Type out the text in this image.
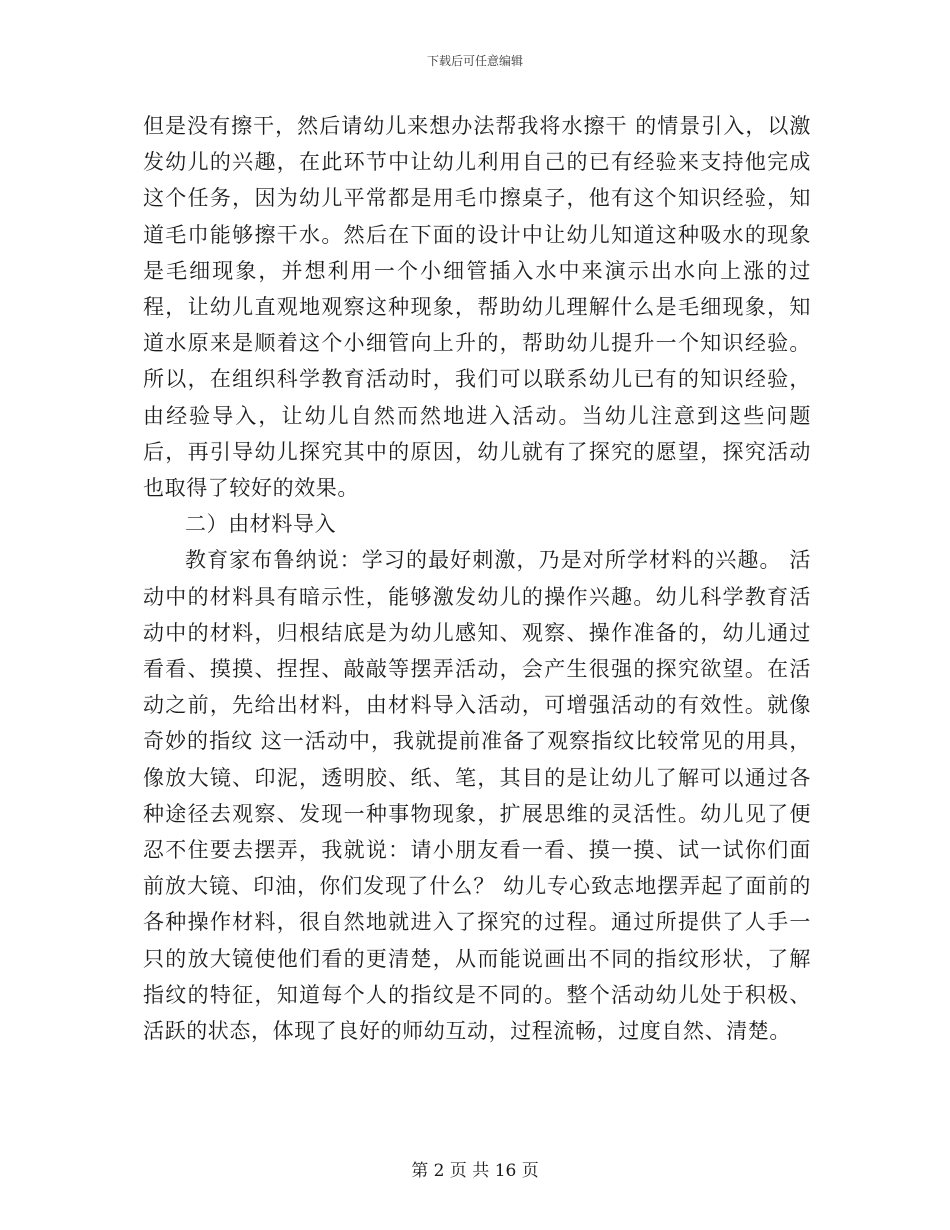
下载后可任意编辑

但是没有擦干，然后请幼儿来想办法帮我将水擦干 的情景引入，以激发幼儿的兴趣，在此环节中让幼儿利用自己的已有经验来支持他完成这个任务，因为幼儿平常都是用毛巾擦桌子，他有这个知识经验，知道毛巾能够擦干水。然后在下面的设计中让幼儿知道这种吸水的现象是毛细现象，并想利用一个小细管插入水中来演示出水向上涨的过程，让幼儿直观地观察这种现象，帮助幼儿理解什么是毛细现象，知道水原来是顺着这个小细管向上升的，帮助幼儿提升一个知识经验。所以，在组织科学教育活动时，我们可以联系幼儿已有的知识经验，由经验导入，让幼儿自然而然地进入活动。当幼儿注意到这些问题后，再引导幼儿探究其中的原因，幼儿就有了探究的愿望，探究活动也取得了较好的效果。

二）由材料导入

教育家布鲁纳说：学习的最好刺激，乃是对所学材料的兴趣。 活动中的材料具有暗示性，能够激发幼儿的操作兴趣。幼儿科学教育活动中的材料，归根结底是为幼儿感知、观察、操作准备的，幼儿通过看看、摸摸、捏捏、敲敲等摆弄活动，会产生很强的探究欲望。在活动之前，先给出材料，由材料导入活动，可增强活动的有效性。就像奇妙的指纹 这一活动中，我就提前准备了观察指纹比较常见的用具，像放大镜、印泥，透明胶、纸、笔，其目的是让幼儿了解可以通过各种途径去观察、发现一种事物现象，扩展思维的灵活性。幼儿见了便忍不住要去摆弄，我就说：请小朋友看一看、摸一摸、试一试你们面前放大镜、印油，你们发现了什么？ 幼儿专心致志地摆弄起了面前的各种操作材料，很自然地就进入了探究的过程。通过所提供了人手一只的放大镜使他们看的更清楚，从而能说画出不同的指纹形状，了解指纹的特征，知道每个人的指纹是不同的。整个活动幼儿处于积极、活跃的状态，体现了良好的师幼互动，过程流畅，过度自然、清楚。

第 2 页 共 16 页
